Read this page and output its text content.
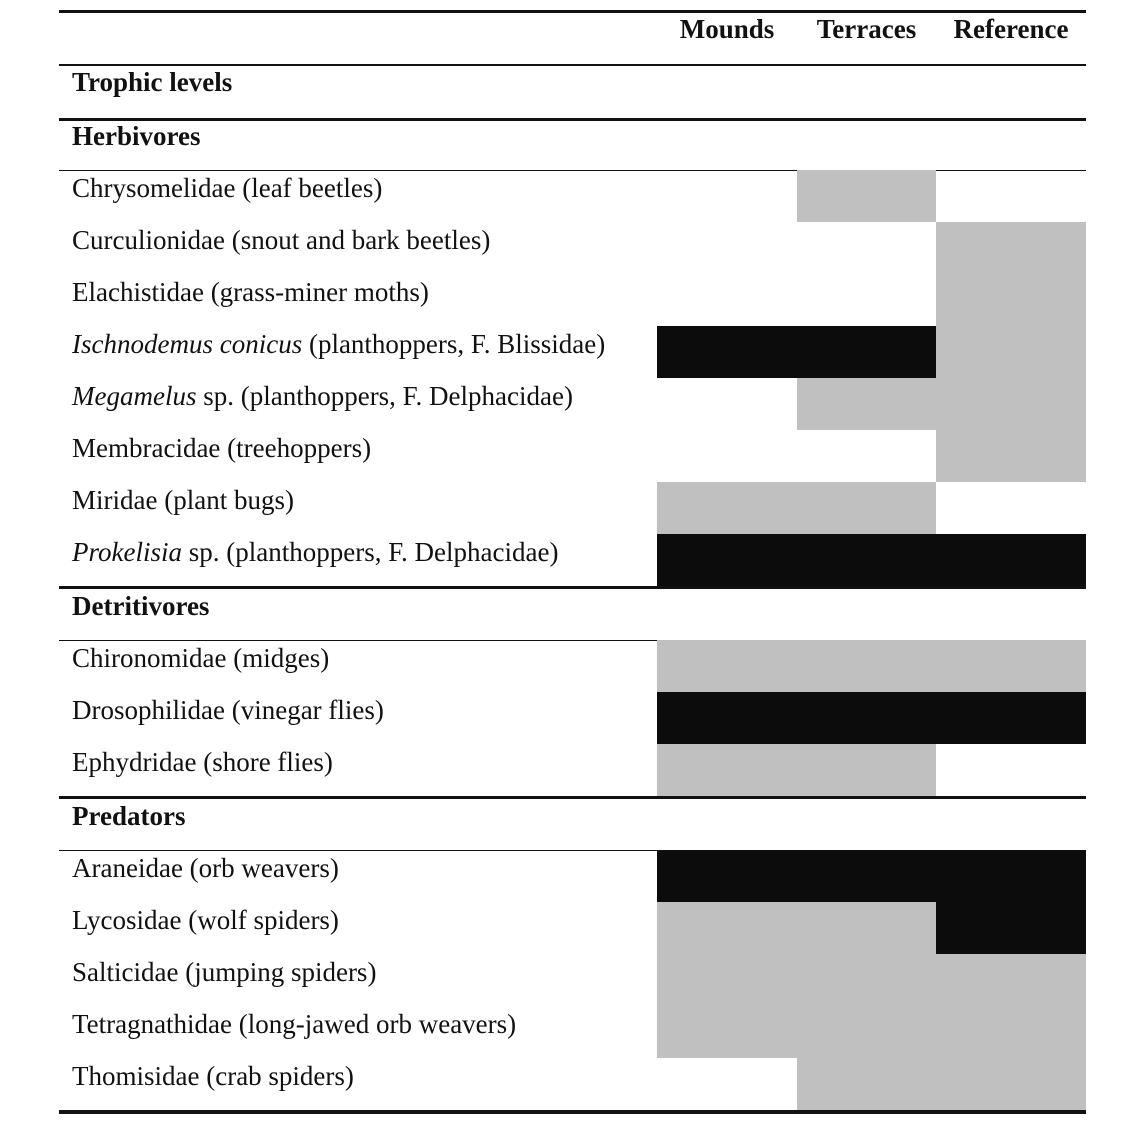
Mounds	Terraces	Reference
Trophic levels
Herbivores
Chrysomelidae (leaf beetles)
Curculionidae (snout and bark beetles)
Elachistidae (grass-miner moths)
Ischnodemus conicus (planthoppers, F. Blissidae)
Megamelus sp. (planthoppers, F. Delphacidae)
Membracidae (treehoppers)
Miridae (plant bugs)
Prokelisia sp. (planthoppers, F. Delphacidae)
Detritivores
Chironomidae (midges)
Drosophilidae (vinegar flies)
Ephydridae (shore flies)
Predators
Araneidae (orb weavers)
Lycosidae (wolf spiders)
Salticidae (jumping spiders)
Tetragnathidae (long-jawed orb weavers)
Thomisidae (crab spiders)
